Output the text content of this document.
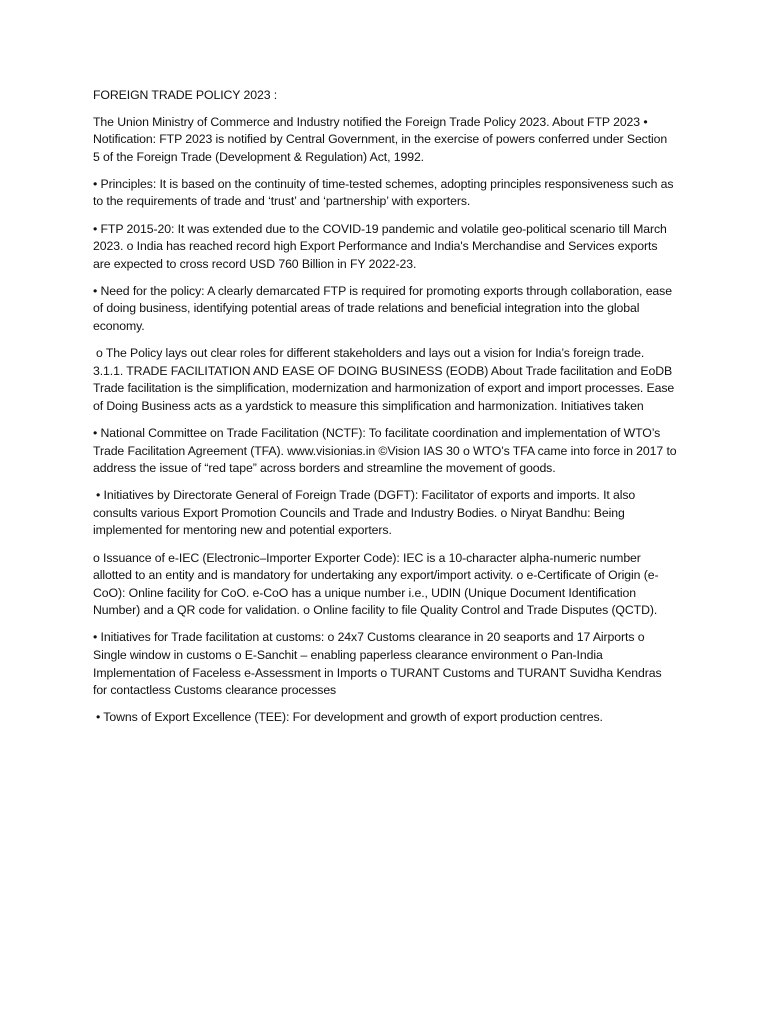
FOREIGN TRADE POLICY 2023 :

The Union Ministry of Commerce and Industry notified the Foreign Trade Policy 2023. About FTP 2023 • Notification: FTP 2023 is notified by Central Government, in the exercise of powers conferred under Section 5 of the Foreign Trade (Development & Regulation) Act, 1992.

• Principles: It is based on the continuity of time-tested schemes, adopting principles responsiveness such as to the requirements of trade and ‘trust’ and ‘partnership’ with exporters.

• FTP 2015-20: It was extended due to the COVID-19 pandemic and volatile geo-political scenario till March 2023. o India has reached record high Export Performance and India's Merchandise and Services exports are expected to cross record USD 760 Billion in FY 2022-23.

• Need for the policy: A clearly demarcated FTP is required for promoting exports through collaboration, ease of doing business, identifying potential areas of trade relations and beneficial integration into the global economy.

o The Policy lays out clear roles for different stakeholders and lays out a vision for India’s foreign trade. 3.1.1. TRADE FACILITATION AND EASE OF DOING BUSINESS (EODB) About Trade facilitation and EoDB Trade facilitation is the simplification, modernization and harmonization of export and import processes. Ease of Doing Business acts as a yardstick to measure this simplification and harmonization. Initiatives taken

• National Committee on Trade Facilitation (NCTF): To facilitate coordination and implementation of WTO’s Trade Facilitation Agreement (TFA). www.visionias.in ©Vision IAS 30 o WTO’s TFA came into force in 2017 to address the issue of “red tape” across borders and streamline the movement of goods.

• Initiatives by Directorate General of Foreign Trade (DGFT): Facilitator of exports and imports. It also consults various Export Promotion Councils and Trade and Industry Bodies. o Niryat Bandhu: Being implemented for mentoring new and potential exporters.

o Issuance of e-IEC (Electronic–Importer Exporter Code): IEC is a 10-character alpha-numeric number allotted to an entity and is mandatory for undertaking any export/import activity. o e-Certificate of Origin (e-CoO): Online facility for CoO. e-CoO has a unique number i.e., UDIN (Unique Document Identification Number) and a QR code for validation. o Online facility to file Quality Control and Trade Disputes (QCTD).

• Initiatives for Trade facilitation at customs: o 24x7 Customs clearance in 20 seaports and 17 Airports o Single window in customs o E-Sanchit – enabling paperless clearance environment o Pan-India Implementation of Faceless e-Assessment in Imports o TURANT Customs and TURANT Suvidha Kendras for contactless Customs clearance processes

• Towns of Export Excellence (TEE): For development and growth of export production centres.
